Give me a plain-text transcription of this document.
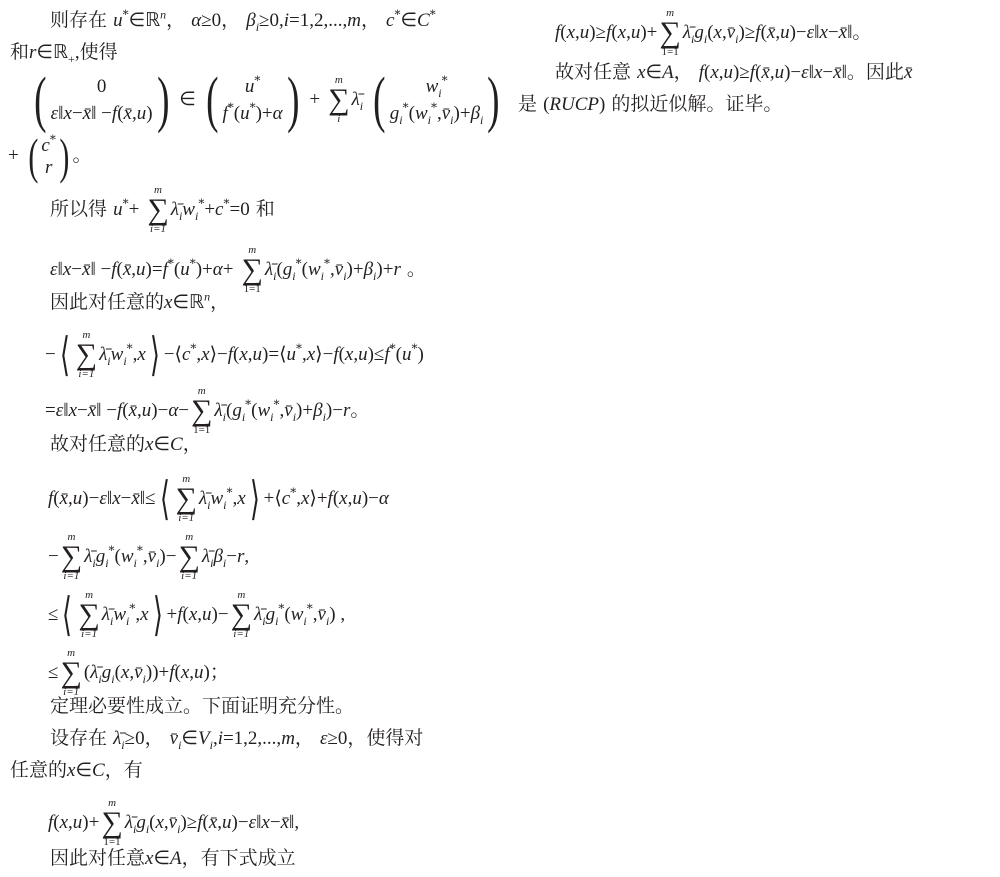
则存在 u*∈ℝ$^n$， α≥0， $\beta_i\ge 0,i=1,2,...,m$， c*∈C*
和r∈ℝ$_+$,使得
(	0
ε‖x−x̄‖ −f(x̄,u) ) ∈ ( u*
f*(u*)+α ) +
m
∑
i
$\lambdā_i$ ( $w_i^*$
$g_i^*(w_i^*,v̄_i)+\beta_i$ )
+ ( c*
r ) 。
所以得 u*+
m
∑
i=1
$\lambdā_iw_i^*+c^*=0$ 和
ε‖x−x̄‖ −f(x̄,u)=f*(u*)+α+
m
∑
1=1
$\lambdā_i(g_i^*(w_i^*,v̄_i)+\beta_i)+r$ 。
因此对任意的x∈ℝ$^n$，
−⟨ m
∑
i=1
$\lambdā_iw_i^*,x⟩$ −⟨c*,x⟩−f(x,u)=⟨u*,x⟩−f(x,u)≤f*(u*)
=ε‖x−x̄‖ −f(x̄,u)−α−
m
∑
1=1
$\lambdā_i(g_i^*(w_i^*,v̄_i)+\beta_i)-r$。
故对任意的x∈C，
f(x̄,u)−ε‖x−x̄‖≤⟨ m
∑
i=1
$\lambdā_iw_i^*,x⟩$ +⟨c*,x⟩+f(x,u)−α
−
m
∑
i=1
$\lambdā_ig_i^*(w_i^*,v̄_i)-$
m
∑
i=1
$\lambdā_i\beta_i-r$,
≤⟨ m
∑
i=1
$\lambdā_iw_i^*,x⟩ +f(x,u)-$
m
∑
i=1
$\lambdā_ig_i^*(w_i^*,v̄_i)$ ,
≤
m
∑
i=1
$(\lambdā_ig_i(x,v̄_i))+f(x,u)$；
定理必要性成立。下面证明充分性。
设存在 $\lambdā_i\ge 0$， $v̄_i\in V_i,i=1,2,...,m$， ε≥0，使得对
任意的x∈C，有
f(x,u)+
m
∑
1=1
$\lambdā_ig_i(x,v̄_i)\ge f(x̄,u)-\varepsilon‖x-x̄‖$,
因此对任意x∈A，有下式成立
f(x,u)≥f(x,u)+
m
∑
1=1
$\lambdā_ig_i(x,v̄_i)\ge f(x̄,u)-\varepsilon‖x-x̄‖$。
故对任意 x∈A， f(x,u)≥f(x̄,u)−ε‖x−x̄‖。因此x̄
是 (RUCP) 的拟近似解。证毕。
